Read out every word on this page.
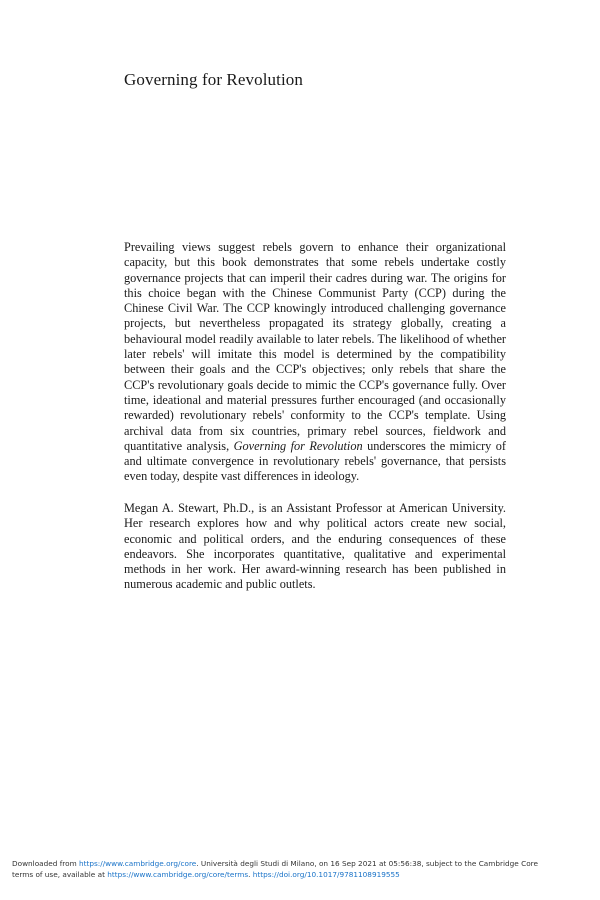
Governing for Revolution

Prevailing views suggest rebels govern to enhance their organizational capacity, but this book demonstrates that some rebels undertake costly governance projects that can imperil their cadres during war. The origins for this choice began with the Chinese Communist Party (CCP) during the Chinese Civil War. The CCP knowingly introduced challenging governance projects, but nevertheless propagated its strategy globally, creating a behavioural model readily available to later rebels. The likelihood of whether later rebels' will imitate this model is determined by the compatibility between their goals and the CCP's objectives; only rebels that share the CCP's revolutionary goals decide to mimic the CCP's governance fully. Over time, ideational and material pressures further encouraged (and occasionally rewarded) revolutionary rebels' conformity to the CCP's template. Using archival data from six countries, primary rebel sources, fieldwork and quantitative analysis, Governing for Revolution underscores the mimicry of and ultimate convergence in revolutionary rebels' governance, that persists even today, despite vast differences in ideology.

Megan A. Stewart, Ph.D., is an Assistant Professor at American University. Her research explores how and why political actors create new social, economic and political orders, and the enduring consequences of these endeavors. She incorporates quantitative, qualitative and experimental methods in her work. Her award-winning research has been published in numerous academic and public outlets.

Downloaded from https://www.cambridge.org/core. Università degli Studi di Milano, on 16 Sep 2021 at 05:56:38, subject to the Cambridge Core
terms of use, available at https://www.cambridge.org/core/terms. https://doi.org/10.1017/9781108919555
